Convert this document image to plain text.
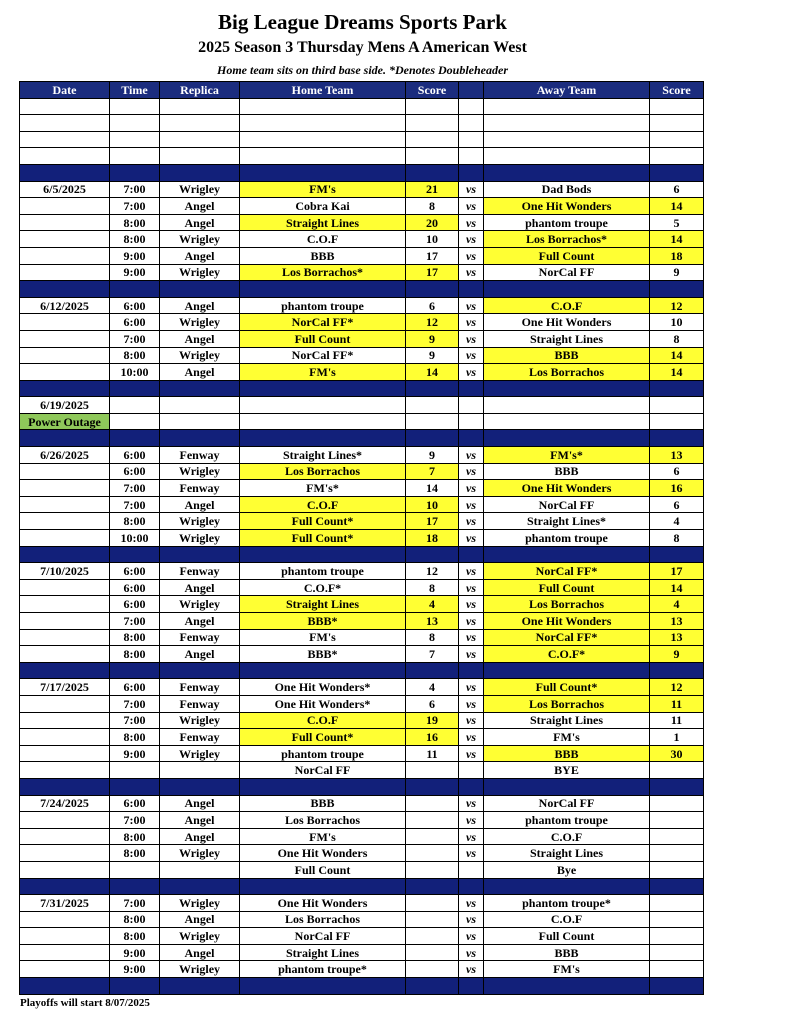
Big League Dreams Sports Park
2025 Season 3 Thursday Mens A American West
Home team sits on third base side. *Denotes Doubleheader
Date	Time	Replica	Home Team	Score		Away Team	Score

6/5/2025	7:00	Wrigley	FM's	21	vs	Dad Bods	6
	7:00	Angel	Cobra Kai	8	vs	One Hit Wonders	14
	8:00	Angel	Straight Lines	20	vs	phantom troupe	5
	8:00	Wrigley	C.O.F	10	vs	Los Borrachos*	14
	9:00	Angel	BBB	17	vs	Full Count	18
	9:00	Wrigley	Los Borrachos*	17	vs	NorCal FF	9

6/12/2025	6:00	Angel	phantom troupe	6	vs	C.O.F	12
	6:00	Wrigley	NorCal FF*	12	vs	One Hit Wonders	10
	7:00	Angel	Full Count	9	vs	Straight Lines	8
	8:00	Wrigley	NorCal FF*	9	vs	BBB	14
	10:00	Angel	FM's	14	vs	Los Borrachos	14

6/19/2025							
Power Outage							

6/26/2025	6:00	Fenway	Straight Lines*	9	vs	FM's*	13
	6:00	Wrigley	Los Borrachos	7	vs	BBB	6
	7:00	Fenway	FM's*	14	vs	One Hit Wonders	16
	7:00	Angel	C.O.F	10	vs	NorCal FF	6
	8:00	Wrigley	Full Count*	17	vs	Straight Lines*	4
	10:00	Wrigley	Full Count*	18	vs	phantom troupe	8

7/10/2025	6:00	Fenway	phantom troupe	12	vs	NorCal FF*	17
	6:00	Angel	C.O.F*	8	vs	Full Count	14
	6:00	Wrigley	Straight Lines	4	vs	Los Borrachos	4
	7:00	Angel	BBB*	13	vs	One Hit Wonders	13
	8:00	Fenway	FM's	8	vs	NorCal FF*	13
	8:00	Angel	BBB*	7	vs	C.O.F*	9

7/17/2025	6:00	Fenway	One Hit Wonders*	4	vs	Full Count*	12
	7:00	Fenway	One Hit Wonders*	6	vs	Los Borrachos	11
	7:00	Wrigley	C.O.F	19	vs	Straight Lines	11
	8:00	Fenway	Full Count*	16	vs	FM's	1
	9:00	Wrigley	phantom troupe	11	vs	BBB	30
			NorCal FF			BYE	

7/24/2025	6:00	Angel	BBB		vs	NorCal FF	
	7:00	Angel	Los Borrachos		vs	phantom troupe	
	8:00	Angel	FM's		vs	C.O.F	
	8:00	Wrigley	One Hit Wonders		vs	Straight Lines	
			Full Count			Bye	

7/31/2025	7:00	Wrigley	One Hit Wonders		vs	phantom troupe*	
	8:00	Angel	Los Borrachos		vs	C.O.F	
	8:00	Wrigley	NorCal FF		vs	Full Count	
	9:00	Angel	Straight Lines		vs	BBB	
	9:00	Wrigley	phantom troupe*		vs	FM's	

Playoffs will start 8/07/2025
